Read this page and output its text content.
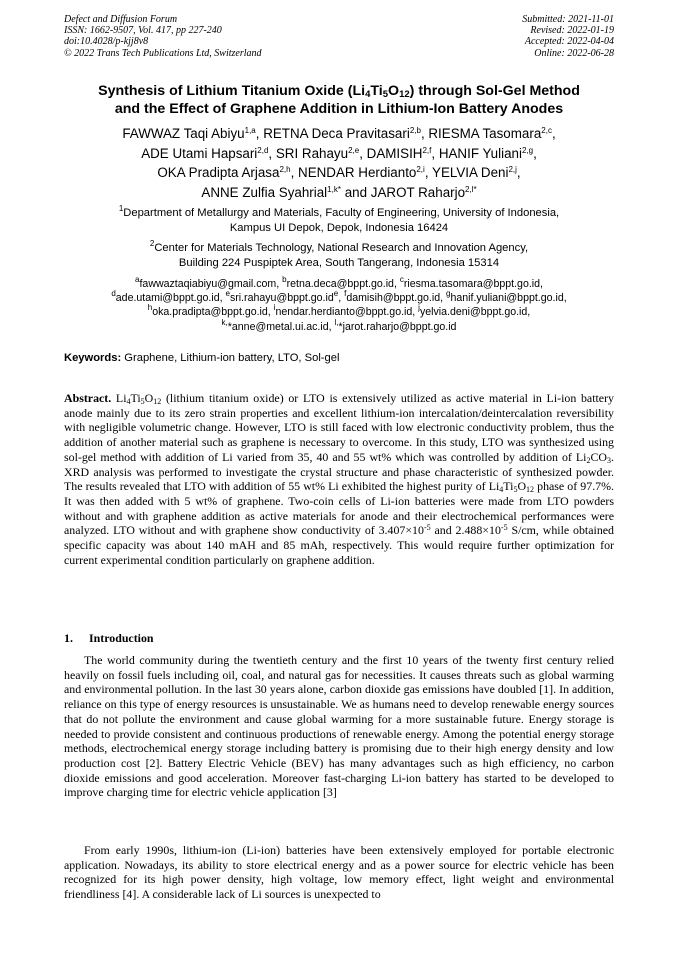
Defect and Diffusion Forum
ISSN: 1662-9507, Vol. 417, pp 227-240
doi:10.4028/p-kjj8v8
© 2022 Trans Tech Publications Ltd, Switzerland
Submitted: 2021-11-01
Revised: 2022-01-19
Accepted: 2022-04-04
Online: 2022-06-28
Synthesis of Lithium Titanium Oxide $(Li_4Ti_5O_{12})$ through Sol-Gel Method
and the Effect of Graphene Addition in Lithium-Ion Battery Anodes
FAWWAZ Taqi Abiyu$^{1,a}$, RETNA Deca Pravitasari$^{2,b}$, RIESMA Tasomara$^{2,c}$,
ADE Utami Hapsari$^{2,d}$, SRI Rahayu$^{2,e}$, DAMISIH$^{2,f}$, HANIF Yuliani$^{2,g}$,
OKA Pradipta Arjasa$^{2,h}$, NENDAR Herdianto$^{2,i}$, YELVIA Deni$^{2,j}$,
ANNE Zulfia Syahrial$^{1,k*}$ and JAROT Raharjo$^{2,l*}$
$^1$Department of Metallurgy and Materials, Faculty of Engineering, University of Indonesia,
Kampus UI Depok, Depok, Indonesia 16424
$^2$Center for Materials Technology, National Research and Innovation Agency,
Building 224 Puspiptek Area, South Tangerang, Indonesia 15314
$^a$fawwaztaqiabiyu@gmail.com, $^b$retna.deca@bppt.go.id, $^c$riesma.tasomara@bppt.go.id,
$^d$ade.utami@bppt.go.id, $^esri.rahayu@bppt.go.id^e$, $^f$damisih@bppt.go.id, $^g$hanif.yuliani@bppt.go.id,
$^h$oka.pradipta@bppt.go.id, $^i$nendar.herdianto@bppt.go.id, $^j$yelvia.deni@bppt.go.id,
$^{k,}$*anne@metal.ui.ac.id, $^{l,}$*jarot.raharjo@bppt.go.id
Keywords: Graphene, Lithium-ion battery, LTO, Sol-gel
Abstract. $Li_4Ti_5O_{12}$ (lithium titanium oxide) or LTO is extensively utilized as active material in Li-ion battery anode mainly due to its zero strain properties and excellent lithium-ion intercalation/deintercalation reversibility with negligible volumetric change. However, LTO is still faced with low electronic conductivity problem, thus the addition of another material such as graphene is necessary to overcome. In this study, LTO was synthesized using sol-gel method with addition of Li varied from 35, 40 and 55 wt% which was controlled by addition of $Li_2CO_3$. XRD analysis was performed to investigate the crystal structure and phase characteristic of synthesized powder. The results revealed that LTO with addition of 55 wt% Li exhibited the highest purity of $Li_4Ti_5O_{12}$ phase of 97.7%. It was then added with 5 wt% of graphene. Two-coin cells of Li-ion batteries were made from LTO powders without and with graphene addition as active materials for anode and their electrochemical performances were analyzed. LTO without and with graphene show conductivity of $3.407\times 10^{-5}$ and $2.488\times 10^{-5}$ S/cm, while obtained specific capacity was about 140 mAH and 85 mAh, respectively. This would require further optimization for current experimental condition particularly on graphene addition.
1. Introduction

The world community during the twentieth century and the first 10 years of the twenty first century relied heavily on fossil fuels including oil, coal, and natural gas for necessities. It causes threats such as global warming and environmental pollution. In the last 30 years alone, carbon dioxide gas emissions have doubled [1]. In addition, reliance on this type of energy resources is unsustainable. We as humans need to develop renewable energy sources that do not pollute the environment and cause global warming for a more sustainable future. Energy storage is needed to provide consistent and continuous productions of renewable energy. Among the potential energy storage methods, electrochemical energy storage including battery is promising due to their high energy density and low production cost [2]. Battery Electric Vehicle (BEV) has many advantages such as high efficiency, no carbon dioxide emissions and good acceleration. Moreover fast-charging Li-ion battery has started to be developed to improve charging time for electric vehicle application [3]

From early 1990s, lithium-ion (Li-ion) batteries have been extensively employed for portable electronic application. Nowadays, its ability to store electrical energy and as a power source for electric vehicle has been recognized for its high power density, high voltage, low memory effect, light weight and environmental friendliness [4]. A considerable lack of Li sources is unexpected to
